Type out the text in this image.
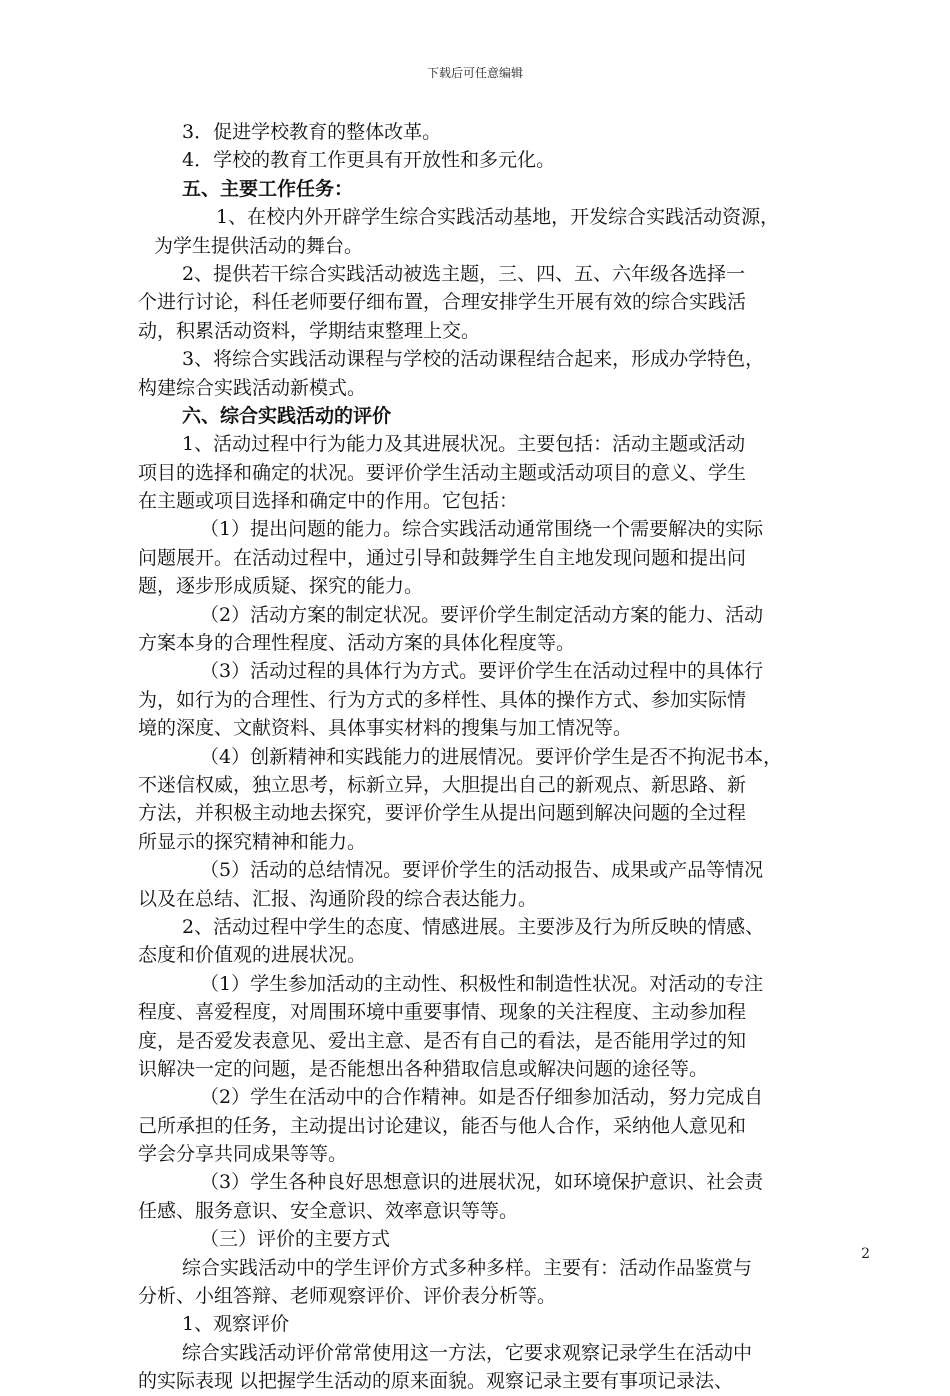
下载后可任意编辑
3．促进学校教育的整体改革。
4．学校的教育工作更具有开放性和多元化。
五、主要工作任务：
1、在校内外开辟学生综合实践活动基地，开发综合实践活动资源，
为学生提供活动的舞台。
2、提供若干综合实践活动被选主题，三、四、五、六年级各选择一
个进行讨论，科任老师要仔细布置，合理安排学生开展有效的综合实践活
动，积累活动资料，学期结束整理上交。
3、将综合实践活动课程与学校的活动课程结合起来，形成办学特色，
构建综合实践活动新模式。
六、综合实践活动的评价
1、活动过程中行为能力及其进展状况。主要包括：活动主题或活动
项目的选择和确定的状况。要评价学生活动主题或活动项目的意义、学生
在主题或项目选择和确定中的作用。它包括：
（1）提出问题的能力。综合实践活动通常围绕一个需要解决的实际
问题展开。在活动过程中，通过引导和鼓舞学生自主地发现问题和提出问
题，逐步形成质疑、探究的能力。
（2）活动方案的制定状况。要评价学生制定活动方案的能力、活动
方案本身的合理性程度、活动方案的具体化程度等。
（3）活动过程的具体行为方式。要评价学生在活动过程中的具体行
为，如行为的合理性、行为方式的多样性、具体的操作方式、参加实际情
境的深度、文献资料、具体事实材料的搜集与加工情况等。
（4）创新精神和实践能力的进展情况。要评价学生是否不拘泥书本，
不迷信权威，独立思考，标新立异，大胆提出自己的新观点、新思路、新
方法，并积极主动地去探究，要评价学生从提出问题到解决问题的全过程
所显示的探究精神和能力。
（5）活动的总结情况。要评价学生的活动报告、成果或产品等情况
以及在总结、汇报、沟通阶段的综合表达能力。
2、活动过程中学生的态度、情感进展。主要涉及行为所反映的情感、
态度和价值观的进展状况。
（1）学生参加活动的主动性、积极性和制造性状况。对活动的专注
程度、喜爱程度，对周围环境中重要事情、现象的关注程度、主动参加程
度，是否爱发表意见、爱出主意、是否有自己的看法，是否能用学过的知
识解决一定的问题，是否能想出各种猎取信息或解决问题的途径等。
（2）学生在活动中的合作精神。如是否仔细参加活动，努力完成自
己所承担的任务，主动提出讨论建议，能否与他人合作，采纳他人意见和
学会分享共同成果等等。
（3）学生各种良好思想意识的进展状况，如环境保护意识、社会责
任感、服务意识、安全意识、效率意识等等。
（三）评价的主要方式
综合实践活动中的学生评价方式多种多样。主要有：活动作品鉴赏与
分析、小组答辩、老师观察评价、评价表分析等。
1、观察评价
综合实践活动评价常常使用这一方法，它要求观察记录学生在活动中
的实际表现 以把握学生活动的原来面貌。观察记录主要有事项记录法、
2
